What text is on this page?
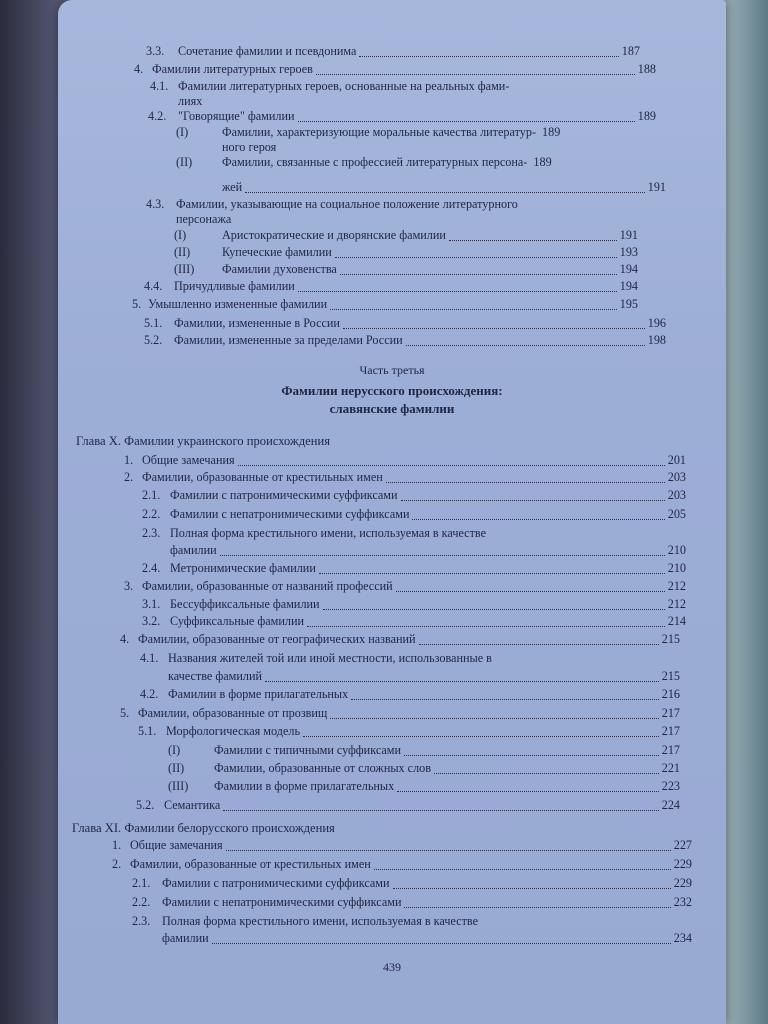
3.3.	Сочетание фамилии и псевдонима	187
4. Фамилии литературных героев	188
4.1. Фамилии литературных героев, основанные на реальных фами-
лиях
4.2. "Говорящие" фамилии	189
(I)	Фамилии, характеризующие моральные качества литератур- 189
ного героя
(II)	Фамилии, связанные с профессией литературных персона- 189
жей	191
4.3. Фамилии, указывающие на социальное положение литературного
персонажа
(I)	Аристократические и дворянские фамилии	191
(II)	Купеческие фамилии	193
(III)	Фамилии духовенства	194
4.4. Причудливые фамилии	194
5. Умышленно измененные фамилии	195
5.1. Фамилии, измененные в России	196
5.2. Фамилии, измененные за пределами России	198
Часть третья
Фамилии нерусского происхождения:
славянские фамилии
Глава X. Фамилии украинского происхождения
1. Общие замечания	201
2. Фамилии, образованные от крестильных имен	203
2.1. Фамилии с патронимическими суффиксами	203
2.2. Фамилии с непатронимическими суффиксами	205
2.3. Полная форма крестильного имени, используемая в качестве
фамилии	210
2.4. Метронимические фамилии	210
3. Фамилии, образованные от названий профессий	212
3.1. Бессуффиксальные фамилии	212
3.2. Суффиксальные фамилии	214
4. Фамилии, образованные от географических названий	215
4.1. Названия жителей той или иной местности, использованные в
качестве фамилий	215
4.2. Фамилии в форме прилагательных	216
5. Фамилии, образованные от прозвищ	217
5.1. Морфологическая модель	217
(I)	Фамилии с типичными суффиксами	217
(II)	Фамилии, образованные от сложных слов	221
(III)	Фамилии в форме прилагательных	223
5.2. Семантика	224
Глава XI. Фамилии белорусского происхождения
1. Общие замечания	227
2. Фамилии, образованные от крестильных имен	229
2.1. Фамилии с патронимическими суффиксами	229
2.2. Фамилии с непатронимическими суффиксами	232
2.3. Полная форма крестильного имени, используемая в качестве
фамилии	234
439
